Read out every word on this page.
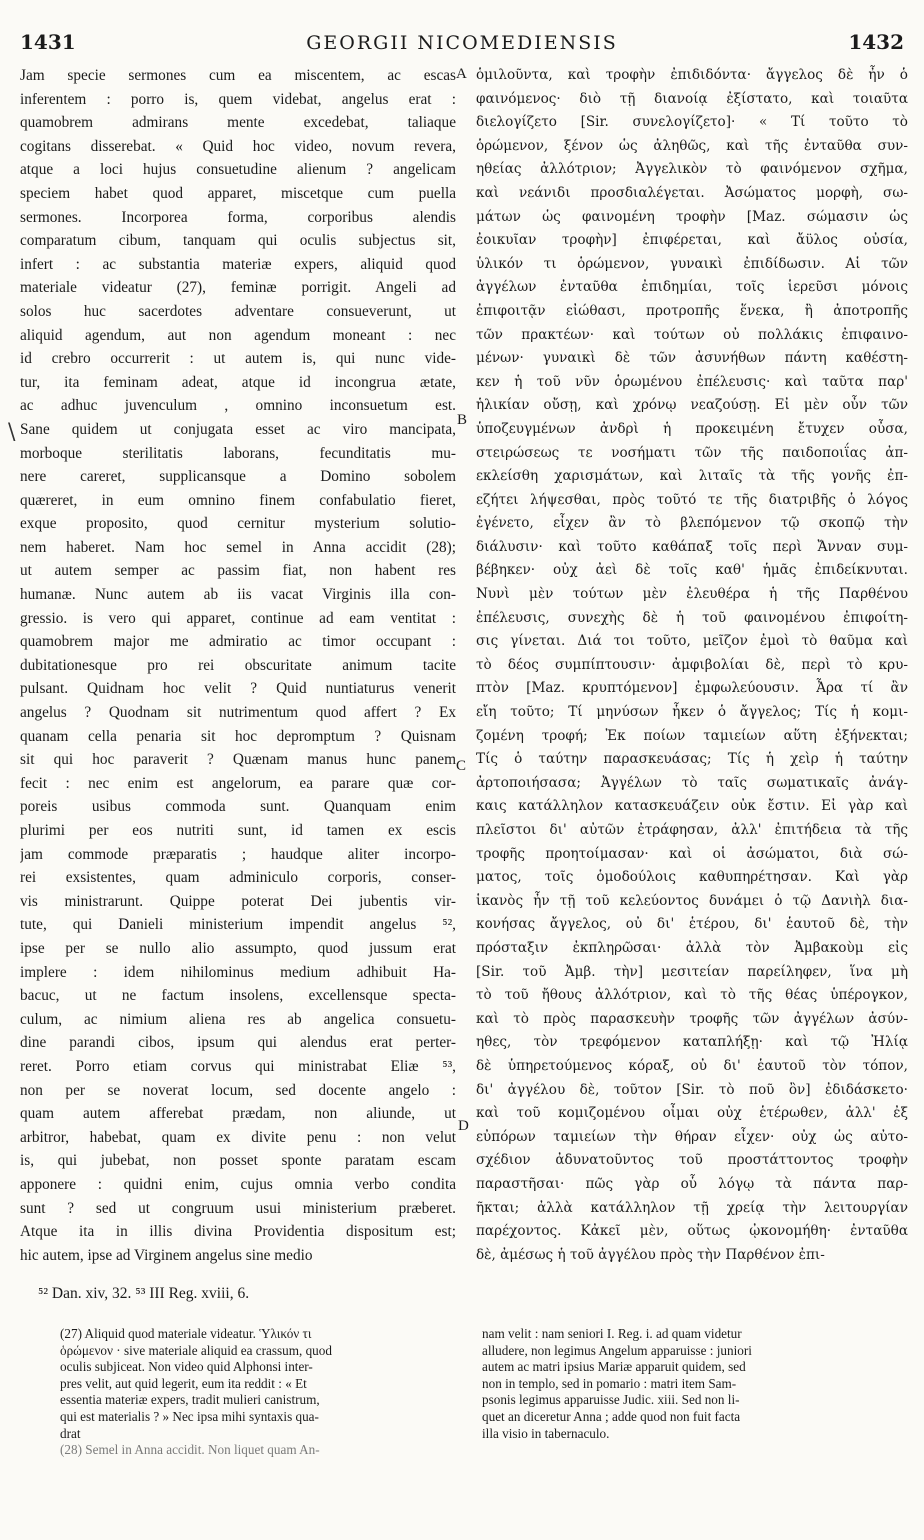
1431	GEORGII NICOMEDIENSIS	1432
Jam specie sermones cum ea miscentem, ac escas
inferentem : porro is, quem videbat, angelus erat :
quamobrem admirans mente excedebat, taliaque
cogitans disserebat. « Quid hoc video, novum revera,
atque a loci hujus consuetudine alienum ? angelicam
speciem habet quod apparet, miscetque cum puella
sermones. Incorporea forma, corporibus alendis
comparatum cibum, tanquam qui oculis subjectus sit,
infert : ac substantia materiæ expers, aliquid quod
materiale videatur (27), feminæ porrigit. Angeli ad
solos huc sacerdotes adventare consueverunt, ut
aliquid agendum, aut non agendum moneant : nec
id crebro occurrerit : ut autem is, qui nunc vide-
tur, ita feminam adeat, atque id incongrua ætate,
ac adhuc juvenculum , omnino inconsuetum est.
Sane quidem ut conjugata esset ac viro mancipata,
morboque sterilitatis laborans, fecunditatis mu-
nere careret, supplicansque a Domino sobolem
quæreret, in eum omnino finem confabulatio fieret,
exque proposito, quod cernitur mysterium solutio-
nem haberet. Nam hoc semel in Anna accidit (28);
ut autem semper ac passim fiat, non habent res
humanæ. Nunc autem ab iis vacat Virginis illa con-
gressio. is vero qui apparet, continue ad eam ventitat :
quamobrem major me admiratio ac timor occupant :
dubitationesque pro rei obscuritate animum tacite
pulsant. Quidnam hoc velit ? Quid nuntiaturus venerit
angelus ? Quodnam sit nutrimentum quod affert ? Ex
quanam cella penaria sit hoc depromptum ? Quisnam
sit qui hoc paraverit ? Quænam manus hunc panem
fecit : nec enim est angelorum, ea parare quæ cor-
poreis usibus commoda sunt. Quanquam enim
plurimi per eos nutriti sunt, id tamen ex escis
jam commode præparatis ; haudque aliter incorpo-
rei exsistentes, quam adminiculo corporis, conser-
vis ministrarunt. Quippe poterat Dei jubentis vir-
tute, qui Danieli ministerium impendit angelus ⁵²,
ipse per se nullo alio assumpto, quod jussum erat
implere : idem nihilominus medium adhibuit Ha-
bacuc, ut ne factum insolens, excellensque specta-
culum, ac nimium aliena res ab angelica consuetu-
dine parandi cibos, ipsum qui alendus erat perter-
reret. Porro etiam corvus qui ministrabat Eliæ ⁵³,
non per se noverat locum, sed docente angelo :
quam autem afferebat prædam, non aliunde, ut
arbitror, habebat, quam ex divite penu : non velut
is, qui jubebat, non posset sponte paratam escam
apponere : quidni enim, cujus omnia verbo condita
sunt ? sed ut congruum usui ministerium præberet.
Atque ita in illis divina Providentia dispositum est;
hic autem, ipse ad Virginem angelus sine medio
ὁμιλοῦντα, καὶ τροφὴν ἐπιδιδόντα· ἄγγελος δὲ ἦν ὁ
φαινόμενος· διὸ τῇ διανοίᾳ ἐξίστατο, καὶ τοιαῦτα
διελογίζετο [Sir. συνελογίζετο]· « Τί τοῦτο τὸ
ὁρώμενον, ξένον ὡς ἀληθῶς, καὶ τῆς ἐνταῦθα συν-
ηθείας ἀλλότριον; Ἀγγελικὸν τὸ φαινόμενον σχῆμα,
καὶ νεάνιδι προσδιαλέγεται. Ἀσώματος μορφὴ, σω-
μάτων ὡς φαινομένη τροφὴν [Maz. σώμασιν ὡς
ἐοικυῖαν τροφὴν] ἐπιφέρεται, καὶ ἄϋλος οὐσία,
ὑλικόν τι ὁρώμενον, γυναικὶ ἐπιδίδωσιν. Αἱ τῶν
ἀγγέλων ἐνταῦθα ἐπιδημίαι, τοῖς ἱερεῦσι μόνοις
ἐπιφοιτᾷν εἰώθασι, προτροπῆς ἕνεκα, ἢ ἀποτροπῆς
τῶν πρακτέων· καὶ τούτων οὐ πολλάκις ἐπιφαινο-
μένων· γυναικὶ δὲ τῶν ἀσυνήθων πάντη καθέστη-
κεν ἡ τοῦ νῦν ὁρωμένου ἐπέλευσις· καὶ ταῦτα παρ'
ἡλικίαν οὔσῃ, καὶ χρόνῳ νεαζούσῃ. Εἰ μὲν οὖν τῶν
ὑποζευγμένων ἀνδρὶ ἡ προκειμένη ἔτυχεν οὖσα,
στειρώσεως τε νοσήματι τῶν τῆς παιδοποιΐας ἀπ-
εκλείσθη χαρισμάτων, καὶ λιταῖς τὰ τῆς γονῆς ἐπ-
εζήτει λήψεσθαι, πρὸς τοῦτό τε τῆς διατριβῆς ὁ λόγος
ἐγένετο, εἶχεν ἂν τὸ βλεπόμενον τῷ σκοπῷ τὴν
διάλυσιν· καὶ τοῦτο καθάπαξ τοῖς περὶ Ἄνναν συμ-
βέβηκεν· οὐχ ἀεὶ δὲ τοῖς καθ' ἡμᾶς ἐπιδείκνυται.
Νυνὶ μὲν τούτων μὲν ἐλευθέρα ἡ τῆς Παρθένου
ἐπέλευσις, συνεχὴς δὲ ἡ τοῦ φαινομένου ἐπιφοίτη-
σις γίνεται. Διά τοι τοῦτο, μεῖζον ἐμοὶ τὸ θαῦμα καὶ
τὸ δέος συμπίπτουσιν· ἀμφιβολίαι δὲ, περὶ τὸ κρυ-
πτὸν [Maz. κρυπτόμενον] ἐμφωλεύουσιν. Ἆρα τί ἂν
εἴη τοῦτο; Τί μηνύσων ἧκεν ὁ ἄγγελος; Τίς ἡ κομι-
ζομένη τροφή; Ἐκ ποίων ταμιείων αὕτη ἐξήνεκται;
Τίς ὁ ταύτην παρασκευάσας; Τίς ἡ χεὶρ ἡ ταύτην
ἀρτοποιήσασα; Ἀγγέλων τὸ ταῖς σωματικαῖς ἀνάγ-
καις κατάλληλον κατασκευάζειν οὐκ ἔστιν. Εἰ γὰρ καὶ
πλεῖστοι δι' αὐτῶν ἐτράφησαν, ἀλλ' ἐπιτήδεια τὰ τῆς
τροφῆς προητοίμασαν· καὶ οἱ ἀσώματοι, διὰ σώ-
ματος, τοῖς ὁμοδούλοις καθυπηρέτησαν. Καὶ γὰρ
ἱκανὸς ἦν τῇ τοῦ κελεύοντος δυνάμει ὁ τῷ Δανιὴλ δια-
κονήσας ἄγγελος, οὐ δι' ἑτέρου, δι' ἑαυτοῦ δὲ, τὴν
πρόσταξιν ἐκπληρῶσαι· ἀλλὰ τὸν Ἀμβακοὺμ εἰς
[Sir. τοῦ Ἀμβ. τὴν] μεσιτείαν παρείληφεν, ἵνα μὴ
τὸ τοῦ ἤθους ἀλλότριον, καὶ τὸ τῆς θέας ὑπέρογκον,
καὶ τὸ πρὸς παρασκευὴν τροφῆς τῶν ἀγγέλων ἀσύν-
ηθες, τὸν τρεφόμενον καταπλήξῃ· καὶ τῷ Ἠλίᾳ
δὲ ὑπηρετούμενος κόραξ, οὐ δι' ἑαυτοῦ τὸν τόπον,
δι' ἀγγέλου δὲ, τοῦτον [Sir. τὸ ποῦ ὂν] ἐδιδάσκετο·
καὶ τοῦ κομιζομένου οἶμαι οὐχ ἑτέρωθεν, ἀλλ' ἐξ
εὐπόρων ταμιείων τὴν θήραν εἶχεν· οὐχ ὡς αὐτο-
σχέδιον ἀδυνατοῦντος τοῦ προστάττοντος τροφὴν
παραστῆσαι· πῶς γὰρ οὗ λόγῳ τὰ πάντα παρ-
ῆκται; ἀλλὰ κατάλληλον τῇ χρείᾳ τὴν λειτουργίαν
παρέχοντος. Κἀκεῖ μὲν, οὕτως ᾠκονομήθη· ἐνταῦθα
δὲ, ἀμέσως ἡ τοῦ ἀγγέλου πρὸς τὴν Παρθένον ἐπι-
A
B
C
D
\
⁵² Dan. xiv, 32. ⁵³ III Reg. xviii, 6.
(27) Aliquid quod materiale videatur. Ὑλικόν τι
ὁρώμενον · sive materiale aliquid ea crassum, quod
oculis subjiceat. Non video quid Alphonsi inter-
pres velit, aut quid legerit, eum ita reddit : « Et
essentia materiæ expers, tradit mulieri canistrum,
qui est materialis ? » Nec ipsa mihi syntaxis qua-
drat
(28) Semel in Anna accidit. Non liquet quam An-
nam velit : nam seniori I. Reg. i. ad quam videtur
alludere, non legimus Angelum apparuisse : juniori
autem ac matri ipsius Mariæ apparuit quidem, sed
non in templo, sed in pomario : matri item Sam-
psonis legimus apparuisse Judic. xiii. Sed non li-
quet an diceretur Anna ; adde quod non fuit facta
illa visio in tabernaculo.
